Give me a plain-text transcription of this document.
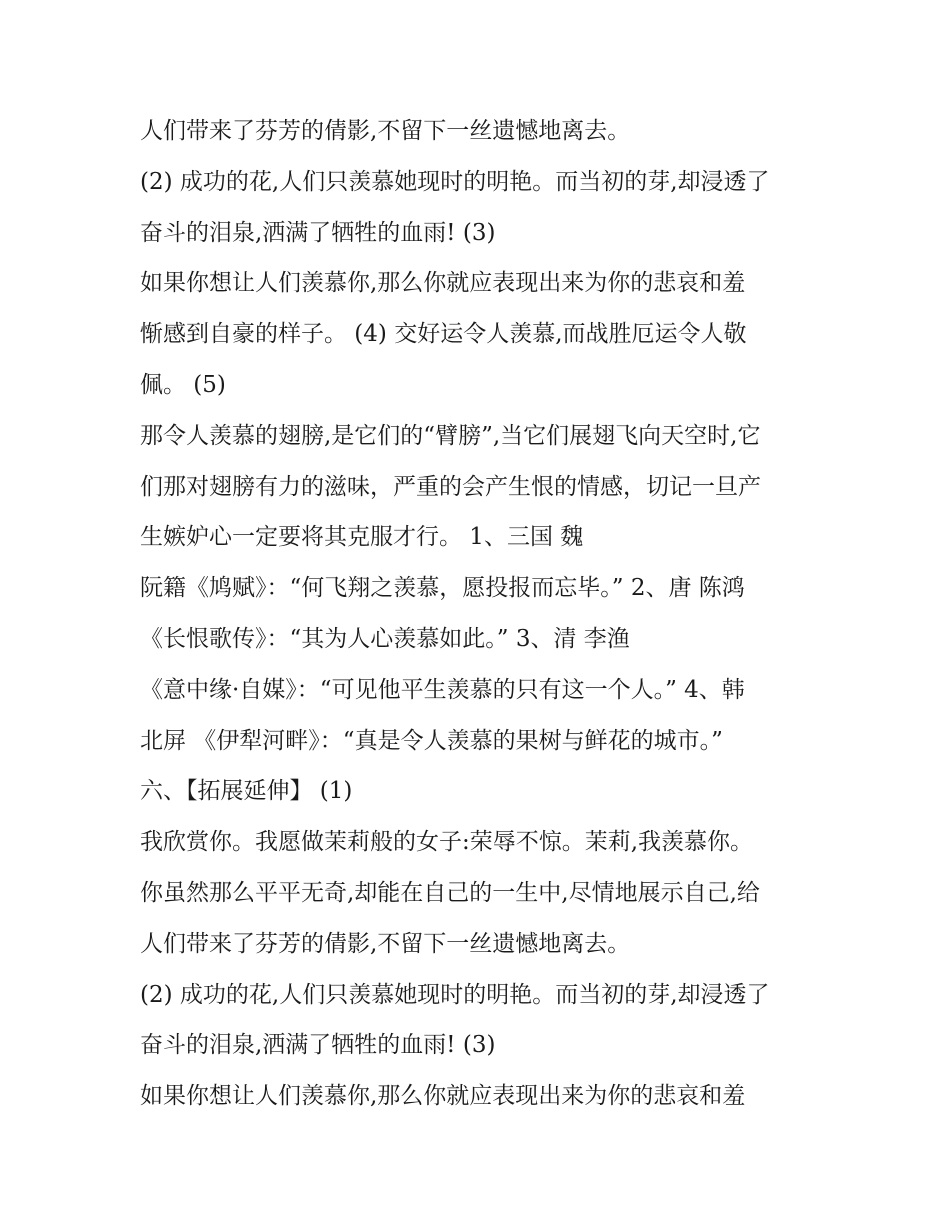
人们带来了芬芳的倩影,不留下一丝遗憾地离去。
(2) 成功的花,人们只羡慕她现时的明艳。而当初的芽,却浸透了
奋斗的泪泉,洒满了牺牲的血雨! (3)
如果你想让人们羡慕你,那么你就应表现出来为你的悲哀和羞
惭感到自豪的样子。 (4) 交好运令人羡慕,而战胜厄运令人敬
佩。 (5)
那令人羡慕的翅膀,是它们的“臂膀”,当它们展翅飞向天空时,它
们那对翅膀有力的滋味，严重的会产生恨的情感，切记一旦产
生嫉妒心一定要将其克服才行。 1、三国 魏
阮籍《鸠赋》：“何飞翔之羡慕，愿投报而忘毕。” 2、唐 陈鸿
《长恨歌传》：“其为人心羡慕如此。” 3、清 李渔
《意中缘·自媒》：“可见他平生羡慕的只有这一个人。” 4、韩
北屏 《伊犁河畔》：“真是令人羡慕的果树与鲜花的城市。”
六、【拓展延伸】 (1)
我欣赏你。我愿做茉莉般的女子:荣辱不惊。茉莉,我羡慕你。
你虽然那么平平无奇,却能在自己的一生中,尽情地展示自己,给
人们带来了芬芳的倩影,不留下一丝遗憾地离去。
(2) 成功的花,人们只羡慕她现时的明艳。而当初的芽,却浸透了
奋斗的泪泉,洒满了牺牲的血雨! (3)
如果你想让人们羡慕你,那么你就应表现出来为你的悲哀和羞
